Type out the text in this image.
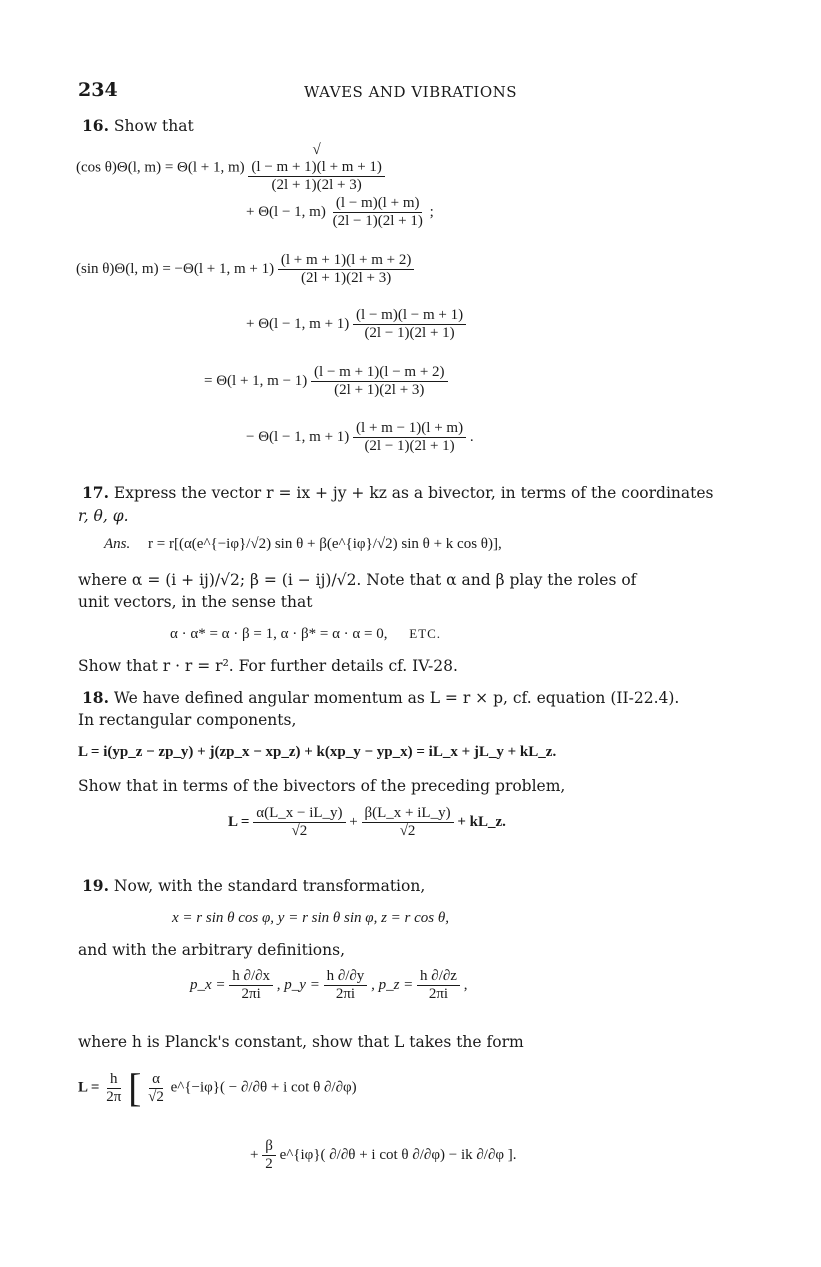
234	WAVES AND VIBRATIONS
16. Show that
(cos θ)Θ(l, m) = Θ(l + 1, m) √
(l − m + 1)(l + m + 1)
(2l + 1)(2l + 3)
+ Θ(l − 1, $m) \frac{(l - m)(l + m)}{(2l - 1)(2l + 1)}$ ;
(sin θ)Θ(l, m) = −Θ(l + 1, $m + 1) \frac{(l + m + 1)(l + m + 2)}{(2l + 1)(2l + 3)}$
+ Θ(l − 1, $m + 1) \frac{(l - m)(l - m + 1)}{(2l - 1)(2l + 1)}$
= Θ(l + 1, $m - 1) \frac{(l - m + 1)(l - m + 2)}{(2l + 1)(2l + 3)}$
− Θ(l − 1, $m + 1) \frac{(l + m - 1)(l + m)}{(2l - 1)(2l + 1)}$ .
17. Express the vector r = ix + jy + kz as a bivector, in terms of the coordinates
r, θ, φ.
Ans. r = r[(α(e^{−iφ}/√2) sin θ + β(e^{iφ}/√2) sin θ + k cos θ)],
where α = (i + ij)/√2; β = (i − ij)/√2. Note that α and β play the roles of
unit vectors, in the sense that
α · α* = α · β = 1, α · β* = α · α = 0, ETC.
Show that r · r = r². For further details cf. IV-28.
18. We have defined angular momentum as L = r × p, cf. equation (II-22.4).
In rectangular components,
L = i(yp_z − zp_y) + j(zp_x − xp_z) + k(xp_y − yp_x) = iL_x + jL_y + kL_z.
Show that in terms of the bivectors of the preceding problem,
$L = \frac{\alpha(L\_x - iL\_y)}{√2} + \frac{\beta(L\_x + iL\_y)}{√2}$ + kL_z.
19. Now, with the standard transformation,
x = r sin θ cos φ, y = r sin θ sin φ, z = r cos θ,
and with the arbitrary definitions,
p_x = $\frac{h \partial/\partial x}{2\pi i}$ , p_y = $\frac{h \partial/\partial y}{2\pi i}$ , p_z = $\frac{h \partial/\partial z}{2\pi i}$ ,
where h is Planck's constant, show that L takes the form
$L = \frac{h}{2\pi}$ [ $\frac{\alpha}{√2}$ e^{−iφ}( − ∂/∂θ + i cot θ ∂/∂φ)
+ $\frac{\beta}{2}$ e^{iφ}( ∂/∂θ + i cot θ ∂/∂φ) − ik ∂/∂φ ].
